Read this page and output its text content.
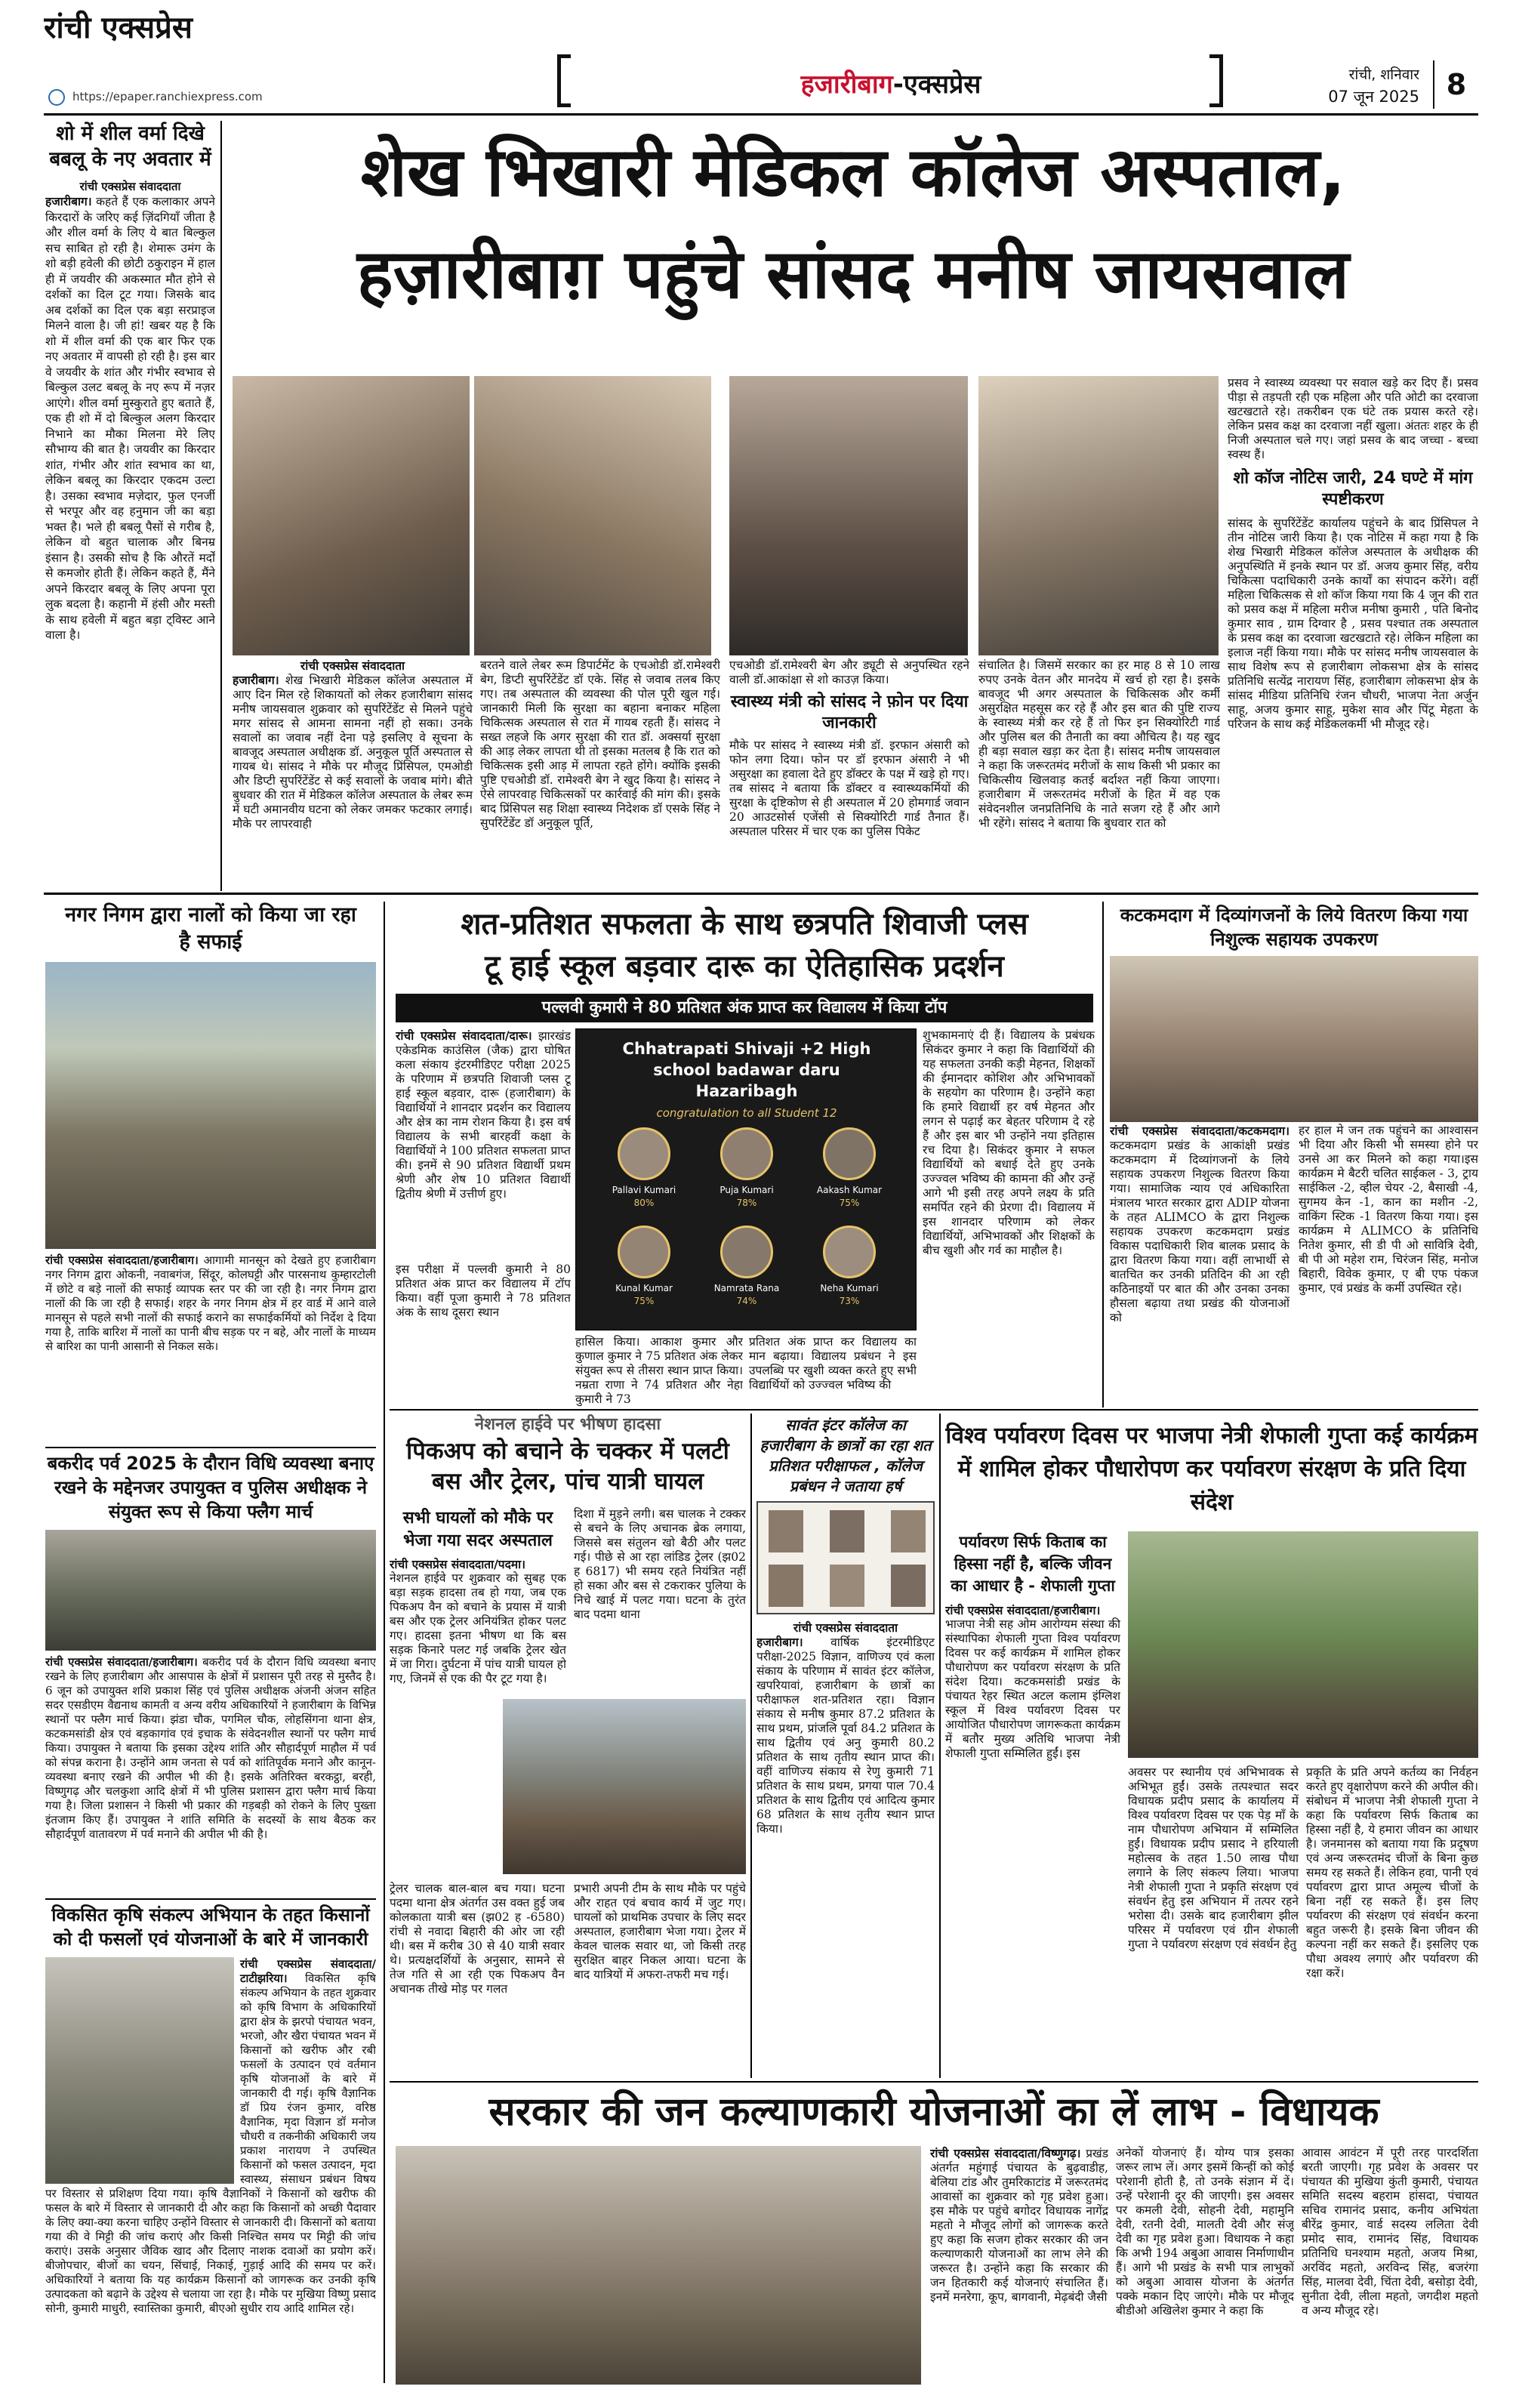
रांची एक्सप्रेस
https://epaper.ranchiexpress.com	हजारीबाग-एक्सप्रेस	रांची, शनिवार
07 जून 2025 8
शो में शील वर्मा दिखे बबलू के नए अवतार में
रांची एक्सप्रेस संवाददाता
हजारीबाग। कहते हैं एक कलाकार अपने किरदारों के जरिए कई ज़िंदगियाँ जीता है और शील वर्मा के लिए ये बात बिल्कुल सच साबित हो रही है। शेमारू उमंग के शो बड़ी हवेली की छोटी ठकुराइन में हाल ही में जयवीर की अकस्मात मौत होने से दर्शकों का दिल टूट गया। जिसके बाद अब दर्शकों का दिल एक बड़ा सरप्राइज मिलने वाला है। जी हां! खबर यह है कि शो में शील वर्मा की एक बार फिर एक नए अवतार में वापसी हो रही है। इस बार वे जयवीर के शांत और गंभीर स्वभाव से बिल्कुल उलट बबलू के नए रूप में नज़र आएंगे। शील वर्मा मुस्कुराते हुए बताते हैं, एक ही शो में दो बिल्कुल अलग किरदार निभाने का मौका मिलना मेरे लिए सौभाग्य की बात है। जयवीर का किरदार शांत, गंभीर और शांत स्वभाव का था, लेकिन बबलू का किरदार एकदम उल्टा है। उसका स्वभाव मज़ेदार, फुल एनर्जी से भरपूर और वह हनुमान जी का बड़ा भक्त है। भले ही बबलू पैसों से गरीब है, लेकिन वो बहुत चालाक और बिनम्र इंसान है। उसकी सोच है कि औरतें मर्दों से कमजोर होती हैं। लेकिन कहते हैं, मैंने अपने किरदार बबलू के लिए अपना पूरा लुक बदला है। कहानी में हंसी और मस्ती के साथ हवेली में बहुत बड़ा ट्विस्ट आने वाला है।
शेख भिखारी मेडिकल कॉलेज अस्पताल,
हज़ारीबाग़ पहुंचे सांसद मनीष जायसवाल
रांची एक्सप्रेस संवाददाता
हजारीबाग। शेख भिखारी मेडिकल कॉलेज अस्पताल में आए दिन मिल रहे शिकायतों को लेकर हजारीबाग सांसद मनीष जायसवाल शुक्रवार को सुपरिंटेंडेंट से मिलने पहुंचे मगर सांसद से आमना सामना नहीं हो सका। उनके सवालों का जवाब नहीं देना पड़े इसलिए वे सूचना के बावजूद अस्पताल अधीक्षक डॉ. अनुकूल पूर्ति अस्पताल से गायब थे। सांसद ने मौके पर मौजूद प्रिंसिपल, एमओडी और डिप्टी सुपरिंटेंडेंट से कई सवालों के जवाब मांगे। बीते बुधवार की रात में मेडिकल कॉलेज अस्पताल के लेबर रूम में घटी अमानवीय घटना को लेकर जमकर फटकार लगाई। मौके पर लापरवाही
बरतने वाले लेबर रूम डिपार्टमेंट के एचओडी डॉ.रामेश्वरी बेग, डिप्टी सुपरिंटेंडेंट डॉ एके. सिंह से जवाब तलब किए गए। तब अस्पताल की व्यवस्था की पोल पूरी खुल गई। जानकारी मिली कि सुरक्षा का बहाना बनाकर महिला चिकित्सक अस्पताल से रात में गायब रहती हैं। सांसद ने सख्त लहजे कि अगर सुरक्षा की रात डॉ. अक्सर्या सुरक्षा की आड़ लेकर लापता थी तो इसका मतलब है कि रात को चिकित्सक इसी आड़ में लापता रहते होंगे। क्योंकि इसकी पुष्टि एचओडी डॉ. रामेश्वरी बेग ने खुद किया है। सांसद ने ऐसे लापरवाह चिकित्सकों पर कार्रवाई की मांग की। इसके बाद प्रिंसिपल सह शिक्षा स्वास्थ्य निदेशक डॉ एसके सिंह ने सुपरिंटेंडेंट डॉ अनुकूल पूर्ति,
एचओडी डॉ.रामेश्वरी बेग और ड्यूटी से अनुपस्थित रहने वाली डॉ.आकांक्षा से शो काउज़ किया।
स्वास्थ्य मंत्री को सांसद ने फ़ोन पर दिया जानकारी
मौके पर सांसद ने स्वास्थ्य मंत्री डॉ. इरफान अंसारी को फोन लगा दिया। फोन पर डॉ इरफान अंसारी ने भी असुरक्षा का हवाला देते हुए डॉक्टर के पक्ष में खड़े हो गए। तब सांसद ने बताया कि डॉक्टर व स्वास्थ्यकर्मियों की सुरक्षा के दृष्टिकोण से ही अस्पताल में 20 होमगार्ड जवान 20 आउटसोर्स एजेंसी से सिक्योरिटी गार्ड तैनात हैं। अस्पताल परिसर में चार एक का पुलिस पिकेट
संचालित है। जिसमें सरकार का हर माह 8 से 10 लाख रुपए उनके वेतन और मानदेय में खर्च हो रहा है। इसके बावजूद भी अगर अस्पताल के चिकित्सक और कर्मी असुरक्षित महसूस कर रहे हैं और इस बात की पुष्टि राज्य के स्वास्थ्य मंत्री कर रहे हैं तो फिर इन सिक्योरिटी गार्ड और पुलिस बल की तैनाती का क्या औचित्य है। यह खुद ही बड़ा सवाल खड़ा कर देता है। सांसद मनीष जायसवाल ने कहा कि जरूरतमंद मरीजों के साथ किसी भी प्रकार का चिकित्सीय खिलवाड़ कतई बर्दाश्त नहीं किया जाएगा। हजारीबाग में जरूरतमंद मरीजों के हित में वह एक संवेदनशील जनप्रतिनिधि के नाते सजग रहे हैं और आगे भी रहेंगे। सांसद ने बताया कि बुधवार रात को
प्रसव ने स्वास्थ्य व्यवस्था पर सवाल खड़े कर दिए हैं। प्रसव पीड़ा से तड़पती रही एक महिला और पति ओटी का दरवाजा खटखटाते रहे। तकरीबन एक घंटे तक प्रयास करते रहे। लेकिन प्रसव कक्ष का दरवाजा नहीं खुला। अंततः शहर के ही निजी अस्पताल चले गए। जहां प्रसव के बाद जच्चा - बच्चा स्वस्थ हैं।
शो कॉज नोटिस जारी, 24 घण्टे में मांग स्पष्टीकरण
सांसद के सुपरिंटेंडेंट कार्यालय पहुंचने के बाद प्रिंसिपल ने तीन नोटिस जारी किया है। एक नोटिस में कहा गया है कि शेख भिखारी मेडिकल कॉलेज अस्पताल के अधीक्षक की अनुपस्थिति में इनके स्थान पर डॉ. अजय कुमार सिंह, वरीय चिकित्सा पदाधिकारी उनके कार्यों का संपादन करेंगे। वहीं महिला चिकित्सक से शो कॉज किया गया कि 4 जून की रात को प्रसव कक्ष में महिला मरीज मनीषा कुमारी , पति बिनोद कुमार साव , ग्राम दिग्वार है , प्रसव पश्चात तक अस्पताल के प्रसव कक्ष का दरवाजा खटखटाते रहे। लेकिन महिला का इलाज नहीं किया गया। मौके पर सांसद मनीष जायसवाल के साथ विशेष रूप से हजारीबाग लोकसभा क्षेत्र के सांसद प्रतिनिधि सत्येंद्र नारायण सिंह, हजारीबाग लोकसभा क्षेत्र के सांसद मीडिया प्रतिनिधि रंजन चौधरी, भाजपा नेता अर्जुन साहू, अजय कुमार साहू, मुकेश साव और पिंटू मेहता के परिजन के साथ कई मेडिकलकर्मी भी मौजूद रहे।
नगर निगम द्वारा नालों को किया जा रहा है सफाई
रांची एक्सप्रेस संवाददाता/हजारीबाग। आगामी मानसून को देखते हुए हजारीबाग नगर निगम द्वारा ओकनी, नवाबगंज, सिंदूर, कोलघट्टी और पारसनाथ कुम्हारटोली में छोटे व बड़े नालों की सफाई व्यापक स्तर पर की जा रही है। नगर निगम द्वारा नालों की कि जा रही है सफाई। शहर के नगर निगम क्षेत्र में हर वार्ड में आने वाले मानसून से पहले सभी नालों की सफाई कराने का सफाईकर्मियों को निर्देश दे दिया गया है, ताकि बारिश में नालों का पानी बीच सड़क पर न बहे, और नालों के माध्यम से बारिश का पानी आसानी से निकल सके।
बकरीद पर्व 2025 के दौरान विधि व्यवस्था बनाए रखने के मद्देनजर उपायुक्त व पुलिस अधीक्षक ने संयुक्त रूप से किया फ्लैग मार्च
रांची एक्सप्रेस संवाददाता/हजारीबाग। बकरीद पर्व के दौरान विधि व्यवस्था बनाए रखने के लिए हजारीबाग और आसपास के क्षेत्रों में प्रशासन पूरी तरह से मुस्तैद है। 6 जून को उपायुक्त शशि प्रकाश सिंह एवं पुलिस अधीक्षक अंजनी अंजन सहित सदर एसडीएम वैद्यनाथ कामती व अन्य वरीय अधिकारियों ने हजारीबाग के विभिन्न स्थानों पर फ्लैग मार्च किया। झंडा चौक, पगमिल चौक, लोहसिंगना थाना क्षेत्र, कटकमसांडी क्षेत्र एवं बड़कागांव एवं इचाक के संवेदनशील स्थानों पर फ्लैग मार्च किया। उपायुक्त ने बताया कि इसका उद्देश्य शांति और सौहार्दपूर्ण माहौल में पर्व को संपन्न कराना है। उन्होंने आम जनता से पर्व को शांतिपूर्वक मनाने और कानून-व्यवस्था बनाए रखने की अपील भी की है। इसके अतिरिक्त बरकट्ठा, बरही, विष्णुगढ़ और चलकुशा आदि क्षेत्रों में भी पुलिस प्रशासन द्वारा फ्लैग मार्च किया गया है। जिला प्रशासन ने किसी भी प्रकार की गड़बड़ी को रोकने के लिए पुख्ता इंतजाम किए हैं। उपायुक्त ने शांति समिति के सदस्यों के साथ बैठक कर सौहार्दपूर्ण वातावरण में पर्व मनाने की अपील भी की है।
विकसित कृषि संकल्प अभियान के तहत किसानों को दी फसलों एवं योजनाओं के बारे में जानकारी
रांची एक्सप्रेस संवाददाता/टाटीझरिया। विकसित कृषि संकल्प अभियान के तहत शुक्रवार को कृषि विभाग के अधिकारियों द्वारा क्षेत्र के झरपो पंचायत भवन, भरजो, और खैरा पंचायत भवन में किसानों को खरीफ और रबी फसलों के उत्पादन एवं वर्तमान कृषि योजनाओं के बारे में जानकारी दी गई। कृषि वैज्ञानिक डॉ प्रिय रंजन कुमार, वरिष्ठ वैज्ञानिक, मृदा विज्ञान डॉ मनोज चौधरी व तकनीकी अधिकारी जय प्रकाश नारायण ने उपस्थित किसानों को फसल उत्पादन, मृदा स्वास्थ्य, संसाधन प्रबंधन विषय पर विस्तार से प्रशिक्षण दिया गया। कृषि वैज्ञानिकों ने किसानों को खरीफ की फसल के बारे में विस्तार से जानकारी दी और कहा कि किसानों को अच्छी पैदावार के लिए क्या-क्या करना चाहिए उन्होंने विस्तार से जानकारी दी। किसानों को बताया गया की वे मिट्टी की जांच कराएं और किसी निश्चित समय पर मिट्टी की जांच कराएं। उसके अनुसार जैविक खाद और दिलाए नाशक दवाओं का प्रयोग करें। बीजोपचार, बीजों का चयन, सिंचाई, निकाई, गुड़ाई आदि की समय पर करें। अधिकारियों ने बताया कि यह कार्यक्रम किसानों को जागरूक कर उनकी कृषि उत्पादकता को बढ़ाने के उद्देश्य से चलाया जा रहा है। मौके पर मुखिया विष्णु प्रसाद सोनी, कुमारी माधुरी, स्वास्तिका कुमारी, बीएओ सुधीर राय आदि शामिल रहे।
शत-प्रतिशत सफलता के साथ छत्रपति शिवाजी प्लस
टू हाई स्कूल बड़वार दारू का ऐतिहासिक प्रदर्शन
पल्लवी कुमारी ने 80 प्रतिशत अंक प्राप्त कर विद्यालय में किया टॉप
रांची एक्सप्रेस संवाददाता/दारू। झारखंड एकेडमिक काउंसिल (जैक) द्वारा घोषित कला संकाय इंटरमीडिएट परीक्षा 2025 के परिणाम में छत्रपति शिवाजी प्लस टू हाई स्कूल बड़वार, दारू (हजारीबाग) के विद्यार्थियों ने शानदार प्रदर्शन कर विद्यालय और क्षेत्र का नाम रोशन किया है। इस वर्ष विद्यालय के सभी बारहवीं कक्षा के विद्यार्थियों ने 100 प्रतिशत सफलता प्राप्त की। इनमें से 90 प्रतिशत विद्यार्थी प्रथम श्रेणी और शेष 10 प्रतिशत विद्यार्थी द्वितीय श्रेणी में उत्तीर्ण हुए।
Chhatrapati Shivaji +2 High
school badawar daru
Hazaribagh
congratulation to all Student 12
Pallavi Kumari
80%
Puja Kumari
78%
Aakash Kumar
75%
Kunal Kumar
75%
Namrata Rana
74%
Neha Kumari
73%
इस परीक्षा में पल्लवी कुमारी ने 80 प्रतिशत अंक प्राप्त कर विद्यालय में टॉप किया। वहीं पूजा कुमारी ने 78 प्रतिशत अंक के साथ दूसरा स्थान
हासिल किया। आकाश कुमार और कुणाल कुमार ने 75 प्रतिशत अंक लेकर संयुक्त रूप से तीसरा स्थान प्राप्त किया। नम्रता राणा ने 74 प्रतिशत और नेहा कुमारी ने 73
प्रतिशत अंक प्राप्त कर विद्यालय का मान बढ़ाया। विद्यालय प्रबंधन ने इस उपलब्धि पर खुशी व्यक्त करते हुए सभी विद्यार्थियों को उज्ज्वल भविष्य की
शुभकामनाएं दी हैं। विद्यालय के प्रबंधक सिकंदर कुमार ने कहा कि विद्यार्थियों की यह सफलता उनकी कड़ी मेहनत, शिक्षकों की ईमानदार कोशिश और अभिभावकों के सहयोग का परिणाम है। उन्होंने कहा कि हमारे विद्यार्थी हर वर्ष मेहनत और लगन से पढ़ाई कर बेहतर परिणाम दे रहे हैं और इस बार भी उन्होंने नया इतिहास रच दिया है। सिकंदर कुमार ने सफल विद्यार्थियों को बधाई देते हुए उनके उज्ज्वल भविष्य की कामना की और उन्हें आगे भी इसी तरह अपने लक्ष्य के प्रति समर्पित रहने की प्रेरणा दी। विद्यालय में इस शानदार परिणाम को लेकर विद्यार्थियों, अभिभावकों और शिक्षकों के बीच खुशी और गर्व का माहौल है।
कटकमदाग में दिव्यांगजनों के लिये वितरण किया गया निशुल्क सहायक उपकरण
रांची एक्सप्रेस संवाददाता/कटकमदाग। कटकमदाग प्रखंड के आकांक्षी प्रखंड कटकमदाग में दिव्यांगजनों के लिये सहायक उपकरण निशुल्क वितरण किया गया। सामाजिक न्याय एवं अधिकारिता मंत्रालय भारत सरकार द्वारा ADIP योजना के तहत ALIMCO के द्वारा निशुल्क सहायक उपकरण कटकमदाग प्रखंड विकास पदाधिकारी शिव बालक प्रसाद के द्वारा वितरण किया गया। वहीं लाभार्थी से बातचित कर उनकी प्रतिदिन की आ रही कठिनाइयों पर बात की और उनका उनका हौसला बढ़ाया तथा प्रखंड की योजनाओं को
हर हाल मे जन तक पहुंचने का आश्वासन भी दिया और किसी भी समस्या होने पर उनसे आ कर मिलने को कहा गया।इस कार्यक्रम मे बैटरी चलित साईकल - 3, ट्राय साईकिल -2, व्हील चेयर -2, बैसाखी -4, सुगमय केन -1, कान का मशीन -2, वाकिंग स्टिक -1 वितरण किया गया। इस कार्यक्रम मे ALIMCO के प्रतिनिधि नितेश कुमार, सी डी पी ओ सावित्रि देवी, बी पी ओ महेश राम, चिरंजन सिंह, मनोज बिहारी, विवेक कुमार, ए बी एफ पंकज कुमार, एवं प्रखंड के कर्मी उपस्थित रहे।
नेशनल हाईवे पर भीषण हादसा
पिकअप को बचाने के चक्कर में पलटी बस और ट्रेलर, पांच यात्री घायल
सभी घायलों को मौके पर भेजा गया सदर अस्पताल
रांची एक्सप्रेस संवाददाता/पदमा।
नेशनल हाईवे पर शुक्रवार को सुबह एक बड़ा सड़क हादसा तब हो गया, जब एक पिकअप वैन को बचाने के प्रयास में यात्री बस और एक ट्रेलर अनियंत्रित होकर पलट गए। हादसा इतना भीषण था कि बस सड़क किनारे पलट गई जबकि ट्रेलर खेत में जा गिरा। दुर्घटना में पांच यात्री घायल हो गए, जिनमें से एक की पैर टूट गया है।
दिशा में मुड़ने लगी। बस चालक ने टक्कर से बचने के लिए अचानक ब्रेक लगाया, जिससे बस संतुलन खो बैठी और पलट गई। पीछे से आ रहा लांडिड ट्रेलर (झ02 ह 6817) भी समय रहते नियंत्रित नहीं हो सका और बस से टकराकर पुलिया के निचे खाई में पलट गया। घटना के तुरंत बाद पदमा थाना
ट्रेलर चालक बाल-बाल बच गया। घटना पदमा थाना क्षेत्र अंतर्गत उस वक्त हुई जब कोलकाता यात्री बस (झ02 ह -6580) रांची से नवादा बिहारी की ओर जा रही थी। बस में करीब 30 से 40 यात्री सवार थे। प्रत्यक्षदर्शियों के अनुसार, सामने से तेज गति से आ रही एक पिकअप वैन अचानक तीखे मोड़ पर गलत
प्रभारी अपनी टीम के साथ मौके पर पहुंचे और राहत एवं बचाव कार्य में जुट गए। घायलों को प्राथमिक उपचार के लिए सदर अस्पताल, हजारीबाग भेजा गया। ट्रेलर में केवल चालक सवार था, जो किसी तरह सुरक्षित बाहर निकल आया। घटना के बाद यात्रियों में अफरा-तफरी मच गई।
सावंत इंटर कॉलेज का हजारीबाग के छात्रों का रहा शत प्रतिशत परीक्षाफल , कॉलेज प्रबंधन ने जताया हर्ष
रांची एक्सप्रेस संवाददाता
हजारीबाग। वार्षिक इंटरमीडिएट परीक्षा-2025 विज्ञान, वाणिज्य एवं कला संकाय के परिणाम में सावंत इंटर कॉलेज, खपरियावां, हजारीबाग के छात्रों का परीक्षाफल शत-प्रतिशत रहा। विज्ञान संकाय से मनीष कुमार 87.2 प्रतिशत के साथ प्रथम, प्रांजलि पूर्वा 84.2 प्रतिशत के साथ द्वितीय एवं अनु कुमारी 80.2 प्रतिशत के साथ तृतीय स्थान प्राप्त की। वहीं वाणिज्य संकाय से रेणु कुमारी 71 प्रतिशत के साथ प्रथम, प्रगया पाल 70.4 प्रतिशत के साथ द्वितीय एवं आदित्य कुमार 68 प्रतिशत के साथ तृतीय स्थान प्राप्त किया।
विश्व पर्यावरण दिवस पर भाजपा नेत्री शेफाली गुप्ता कई कार्यक्रम में शामिल होकर पौधारोपण कर पर्यावरण संरक्षण के प्रति दिया संदेश
पर्यावरण सिर्फ किताब का हिस्सा नहीं है, बल्कि जीवन का आधार है - शेफाली गुप्ता
रांची एक्सप्रेस संवाददाता/हजारीबाग।
भाजपा नेत्री सह ओम आरोग्यम संस्था की संस्थापिका शेफाली गुप्ता विश्व पर्यावरण दिवस पर कई कार्यक्रम में शामिल होकर पौधारोपण कर पर्यावरण संरक्षण के प्रति संदेश दिया। कटकमसांडी प्रखंड के पंचायत रेहर स्थित अटल कलाम इंग्लिश स्कूल में विश्व पर्यावरण दिवस पर आयोजित पौधारोपण जागरूकता कार्यक्रम में बतौर मुख्य अतिथि भाजपा नेत्री शेफाली गुप्ता सम्मिलित हुईं। इस
अवसर पर स्थानीय एवं अभिभावक से अभिभूत हुईं। उसके तत्पश्चात सदर विधायक प्रदीप प्रसाद के कार्यालय में विश्व पर्यावरण दिवस पर एक पेड़ माँ के नाम पौधारोपण अभियान में सम्मिलित हुईं। विधायक प्रदीप प्रसाद ने हरियाली महोत्सव के तहत 1.50 लाख पौधा लगाने के लिए संकल्प लिया। भाजपा नेत्री शेफाली गुप्ता ने प्रकृति संरक्षण एवं संवर्धन हेतु इस अभियान में तत्पर रहने भरोसा दी। उसके बाद हजारीबाग झील परिसर में पर्यावरण एवं ग्रीन शेफाली गुप्ता ने पर्यावरण संरक्षण एवं संवर्धन हेतु
प्रकृति के प्रति अपने कर्तव्य का निर्वहन करते हुए वृक्षारोपण करने की अपील की। संबोधन में भाजपा नेत्री शेफाली गुप्ता ने कहा कि पर्यावरण सिर्फ किताब का हिस्सा नहीं है, ये हमारा जीवन का आधार है। जनमानस को बताया गया कि प्रदूषण एवं अन्य जरूरतमंद चीजों के बिना कुछ समय रह सकते हैं। लेकिन हवा, पानी एवं पर्यावरण द्वारा प्राप्त अमूल्य चीजों के बिना नहीं रह सकते हैं। इस लिए पर्यावरण की संरक्षण एवं संवर्धन करना बहुत जरूरी है। इसके बिना जीवन की कल्पना नहीं कर सकते हैं। इसलिए एक पौधा अवश्य लगाएं और पर्यावरण की रक्षा करें।
सरकार की जन कल्याणकारी योजनाओं का लें लाभ - विधायक
रांची एक्सप्रेस संवाददाता/विष्णुगढ़। प्रखंड अंतर्गत महुंगाई पंचायत के बुढ़वाडीह, बेलिया टांड और तुमरिकाटांड में जरूरतमंद आवासों का शुक्रवार को गृह प्रवेश हुआ। इस मौके पर पहुंचे बगोदर विधायक नागेंद्र महतो ने मौजूद लोगों को जागरूक करते हुए कहा कि सजग होकर सरकार की जन कल्याणकारी योजनाओं का लाभ लेने की जरूरत है। उन्होंने कहा कि सरकार की जन हितकारी कई योजनाएं संचालित हैं। इनमें मनरेगा, कूप, बागवानी, मेढ़बंदी जैसी
अनेकों योजनाएं हैं। योग्य पात्र इसका जरूर लाभ लें। अगर इसमें किन्हीं को कोई परेशानी होती है, तो उनके संज्ञान में दें। उन्हें परेशानी दूर की जाएगी। इस अवसर पर कमली देवी, सोहनी देवी, महामुनि देवी, रतनी देवी, मालती देवी और संजू देवी का गृह प्रवेश हुआ। विधायक ने कहा कि अभी 194 अबुआ आवास निर्माणाधीन हैं। आगे भी प्रखंड के सभी पात्र लाभुकों को अबुआ आवास योजना के अंतर्गत पक्के मकान दिए जाएंगे। मौके पर मौजूद बीडीओ अखिलेश कुमार ने कहा कि
आवास आवंटन में पूरी तरह पारदर्शिता बरती जाएगी। गृह प्रवेश के अवसर पर पंचायत की मुखिया कुंती कुमारी, पंचायत समिति सदस्य बहराम हांसदा, पंचायत सचिव रामानंद प्रसाद, कनीय अभियंता बीरेंद्र कुमार, वार्ड सदस्य ललिता देवी प्रमोद साव, रामानंद सिंह, विधायक प्रतिनिधि घनश्याम महतो, अजय मिश्रा, अरविंद महतो, अरविन्द सिंह, बजरंगा सिंह, मालवा देवी, चिंता देवी, बसोड़ा देवी, सुनीता देवी, लीला महतो, जगदीश महतो व अन्य मौजूद रहे।
